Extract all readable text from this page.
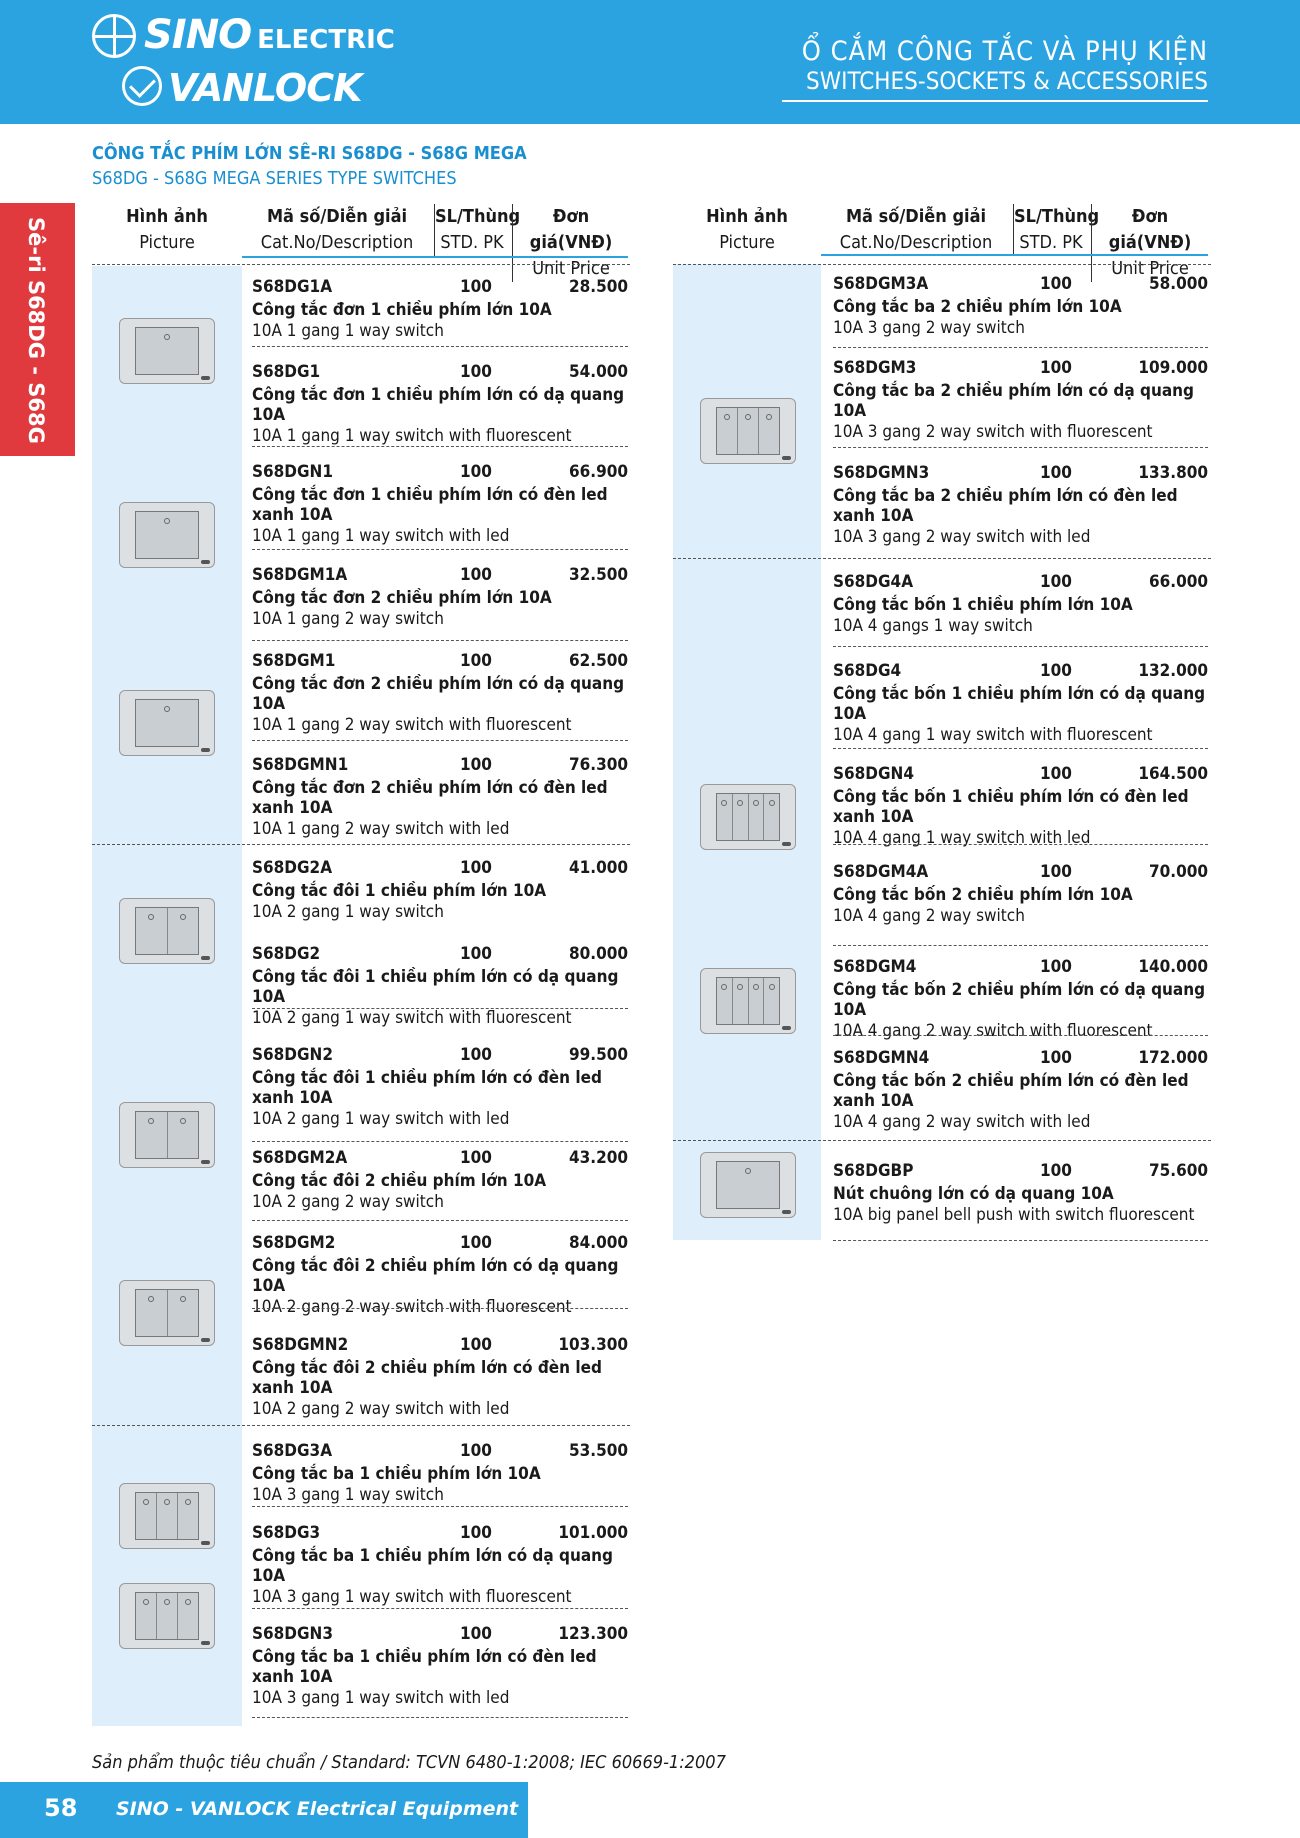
SINO ELECTRIC
VANLOCK
Ổ CẮM CÔNG TẮC VÀ PHỤ KIỆN
SWITCHES-SOCKETS & ACCESSORIES
CÔNG TẮC PHÍM LỚN SÊ-RI S68DG - S68G MEGA
S68DG - S68G MEGA SERIES TYPE SWITCHES
Sê-ri S68DG - S68G
Hình ảnh
Picture
Mã số/Diễn giải
Cat.No/Description
SL/Thùng
STD. PK
Đơn giá(VNĐ)
Unit Price
S68DG1A	100	28.500
Công tắc đơn 1 chiều phím lớn 10A
10A 1 gang 1 way switch
S68DG1	100	54.000
Công tắc đơn 1 chiều phím lớn có dạ quang 10A
10A 1 gang 1 way switch with fluorescent
S68DGN1	100	66.900
Công tắc đơn 1 chiều phím lớn có đèn led xanh 10A
10A 1 gang 1 way switch with led
S68DGM1A	100	32.500
Công tắc đơn 2 chiều phím lớn 10A
10A 1 gang 2 way switch
S68DGM1	100	62.500
Công tắc đơn 2 chiều phím lớn có dạ quang 10A
10A 1 gang 2 way switch with fluorescent
S68DGMN1	100	76.300
Công tắc đơn 2 chiều phím lớn có đèn led xanh 10A
10A 1 gang 2 way switch with led
S68DG2A	100	41.000
Công tắc đôi 1 chiều phím lớn 10A
10A 2 gang 1 way switch
S68DG2	100	80.000
Công tắc đôi 1 chiều phím lớn có dạ quang 10A
10A 2 gang 1 way switch with fluorescent
S68DGN2	100	99.500
Công tắc đôi 1 chiều phím lớn có đèn led xanh 10A
10A 2 gang 1 way switch with led
S68DGM2A	100	43.200
Công tắc đôi 2 chiều phím lớn 10A
10A 2 gang 2 way switch
S68DGM2	100	84.000
Công tắc đôi 2 chiều phím lớn có dạ quang 10A
10A 2 gang 2 way switch with fluorescent
S68DGMN2	100	103.300
Công tắc đôi 2 chiều phím lớn có đèn led xanh 10A
10A 2 gang 2 way switch with led
S68DG3A	100	53.500
Công tắc ba 1 chiều phím lớn 10A
10A 3 gang 1 way switch
S68DG3	100	101.000
Công tắc ba 1 chiều phím lớn có dạ quang 10A
10A 3 gang 1 way switch with fluorescent
S68DGN3	100	123.300
Công tắc ba 1 chiều phím lớn có đèn led xanh 10A
10A 3 gang 1 way switch with led
Hình ảnh
Picture
Mã số/Diễn giải
Cat.No/Description
SL/Thùng
STD. PK
Đơn giá(VNĐ)
Unit Price
S68DGM3A	100	58.000
Công tắc ba 2 chiều phím lớn 10A
10A 3 gang 2 way switch
S68DGM3	100	109.000
Công tắc ba 2 chiều phím lớn có dạ quang 10A
10A 3 gang 2 way switch with fluorescent
S68DGMN3	100	133.800
Công tắc ba 2 chiều phím lớn có đèn led xanh 10A
10A 3 gang 2 way switch with led
S68DG4A	100	66.000
Công tắc bốn 1 chiều phím lớn 10A
10A 4 gangs 1 way switch
S68DG4	100	132.000
Công tắc bốn 1 chiều phím lớn có dạ quang 10A
10A 4 gang 1 way switch with fluorescent
S68DGN4	100	164.500
Công tắc bốn 1 chiều phím lớn có đèn led xanh 10A
10A 4 gang 1 way switch with led
S68DGM4A	100	70.000
Công tắc bốn 2 chiều phím lớn 10A
10A 4 gang 2 way switch
S68DGM4	100	140.000
Công tắc bốn 2 chiều phím lớn có dạ quang 10A
10A 4 gang 2 way switch with fluorescent
S68DGMN4	100	172.000
Công tắc bốn 2 chiều phím lớn có đèn led xanh 10A
10A 4 gang 2 way switch with led
S68DGBP	100	75.600
Nút chuông lớn có dạ quang 10A
10A big panel bell push with switch fluorescent
Sản phẩm thuộc tiêu chuẩn / Standard: TCVN 6480-1:2008; IEC 60669-1:2007
58 SINO - VANLOCK Electrical Equipment
